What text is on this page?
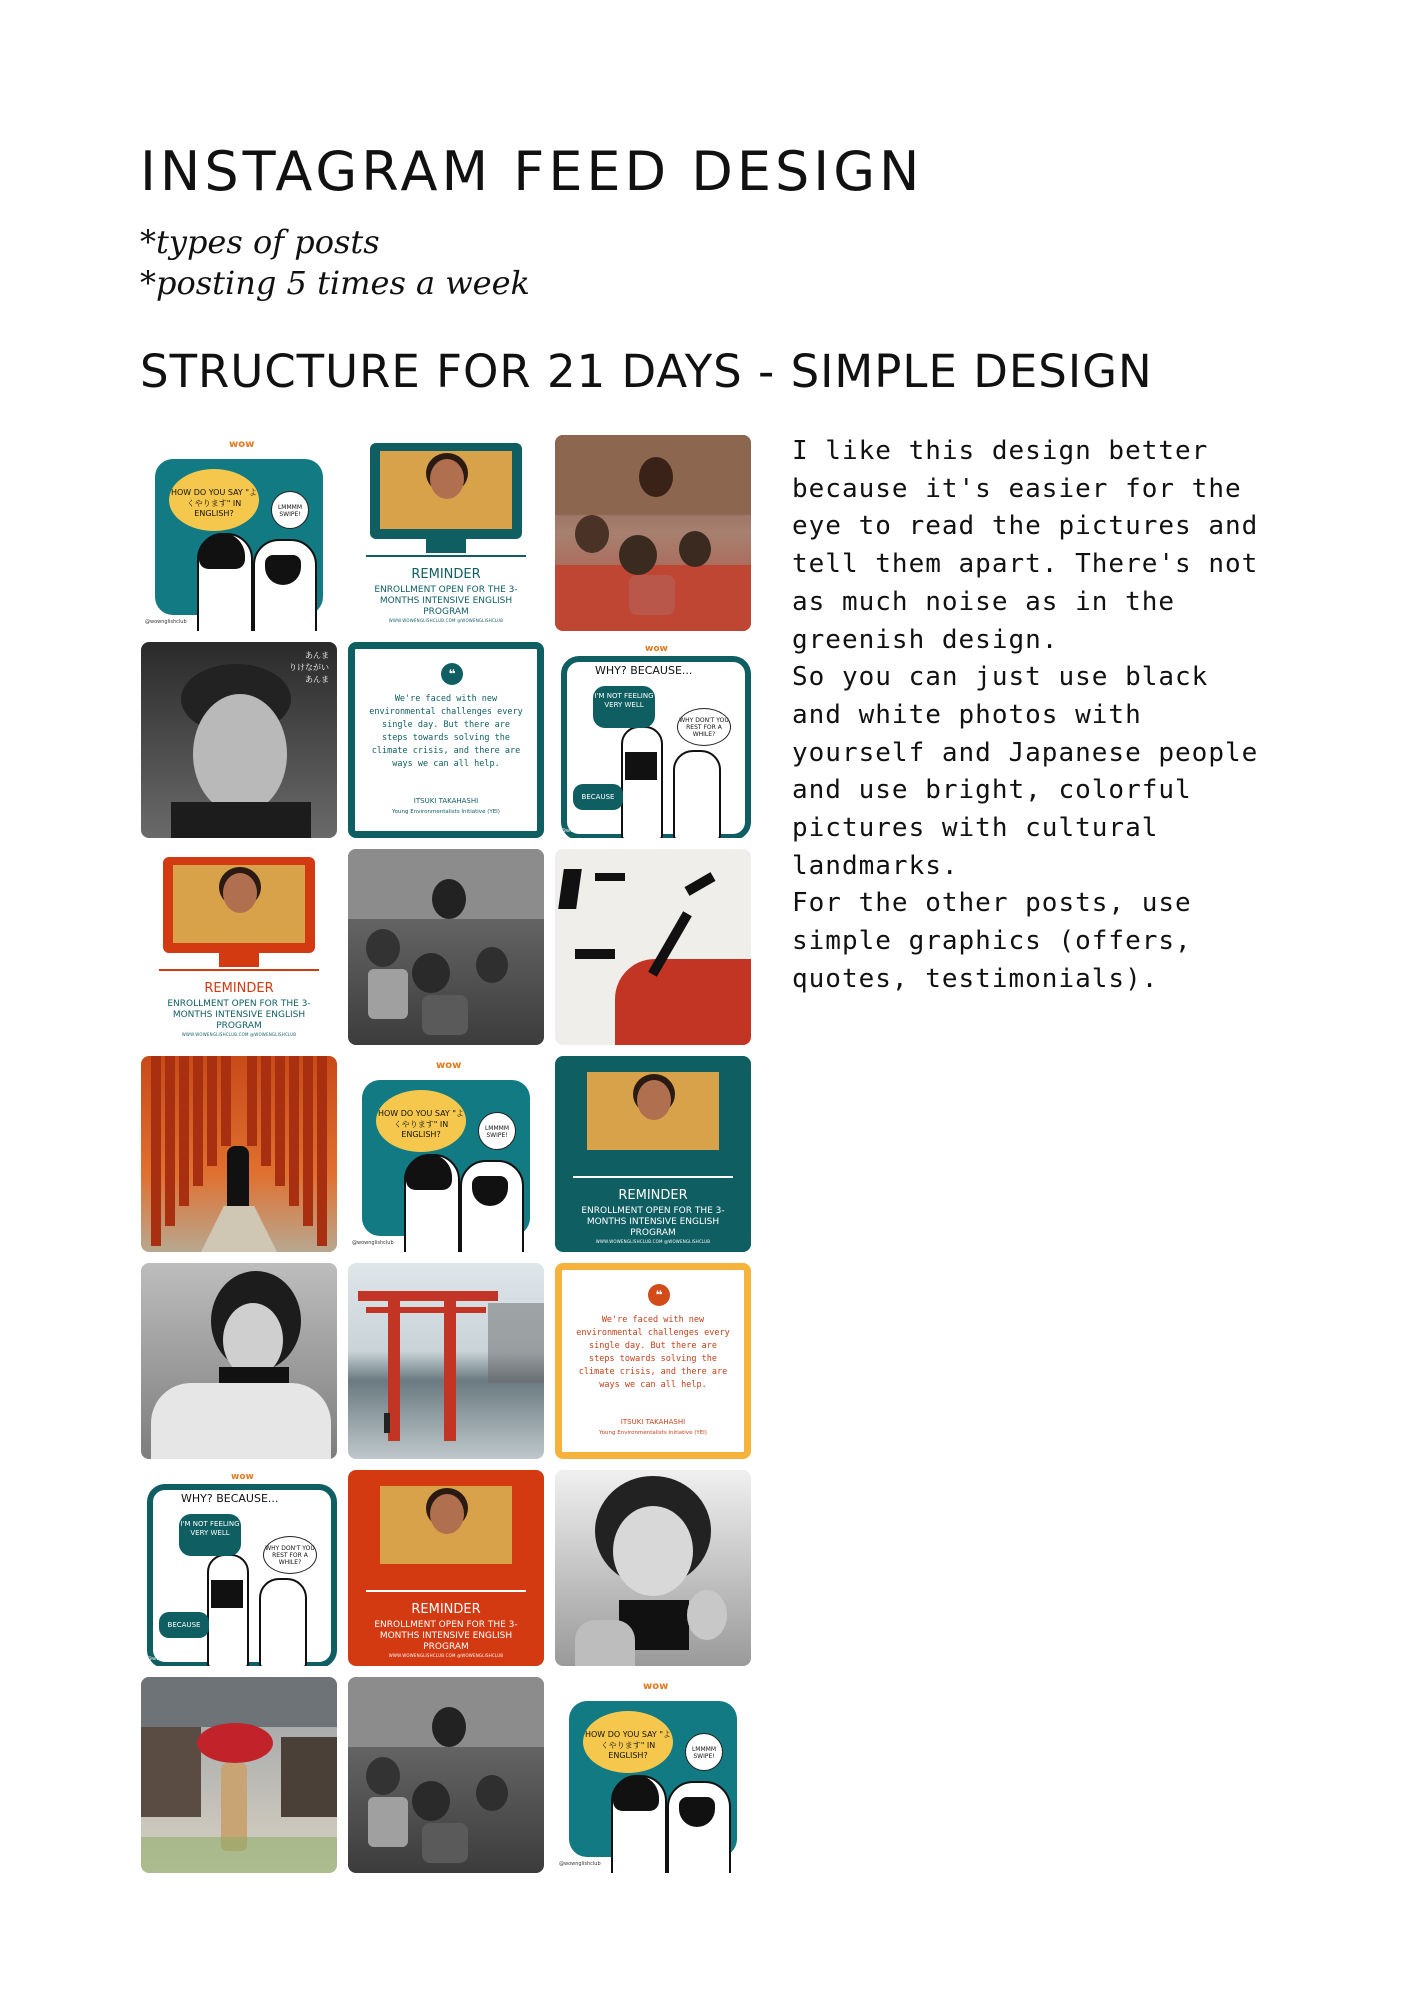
INSTAGRAM FEED DESIGN
*types of posts
*posting 5 times a week
STRUCTURE FOR 21 DAYS - SIMPLE DESIGN
wow
HOW DO YOU SAY "よくやります" IN ENGLISH?
LMMMM SWIPE!
@wownglishclub
REMINDER
ENROLLMENT OPEN FOR THE 3-MONTHS INTENSIVE ENGLISH PROGRAM
WWW.WOWENGLISHCLUB.COM @WOWENGLISHCLUB
あんま
りけながい
あんま	❝
We're faced with new environmental challenges every single day. But there are steps towards solving the climate crisis, and there are ways we can all help.
ITSUKI TAKAHASHI
Young Environmentalists Initiative (YEI)
wow
WHY? BECAUSE...
I'M NOT FEELING VERY WELL
WHY DON'T YOU REST FOR A WHILE?
BECAUSE
@www.emilia.elyeclub
REMINDER
ENROLLMENT OPEN FOR THE 3-MONTHS INTENSIVE ENGLISH PROGRAM
WWW.WOWENGLISHCLUB.COM @WOWENGLISHCLUB
wow
HOW DO YOU SAY "よくやります" IN ENGLISH?
LMMMM SWIPE!
@wownglishclub
REMINDER
ENROLLMENT OPEN FOR THE 3-MONTHS INTENSIVE ENGLISH PROGRAM
WWW.WOWENGLISHCLUB.COM @WOWENGLISHCLUB
❝
We're faced with new environmental challenges every single day. But there are steps towards solving the climate crisis, and there are ways we can all help.
ITSUKI TAKAHASHI
Young Environmentalists Initiative (YEI)
wow
WHY? BECAUSE...
I'M NOT FEELING VERY WELL
WHY DON'T YOU REST FOR A WHILE?
BECAUSE
@www.emilia.elyeclub
REMINDER
ENROLLMENT OPEN FOR THE 3-MONTHS INTENSIVE ENGLISH PROGRAM
WWW.WOWENGLISHCLUB.COM @WOWENGLISHCLUB
wow
HOW DO YOU SAY "よくやります" IN ENGLISH?
LMMMM SWIPE!
@wownglishclub
I like this design better
because it's easier for the
eye to read the pictures and
tell them apart. There's not
as much noise as in the
greenish design.
So you can just use black
and white photos with
yourself and Japanese people
and use bright, colorful
pictures with cultural
landmarks.
For the other posts, use
simple graphics (offers,
quotes, testimonials).
